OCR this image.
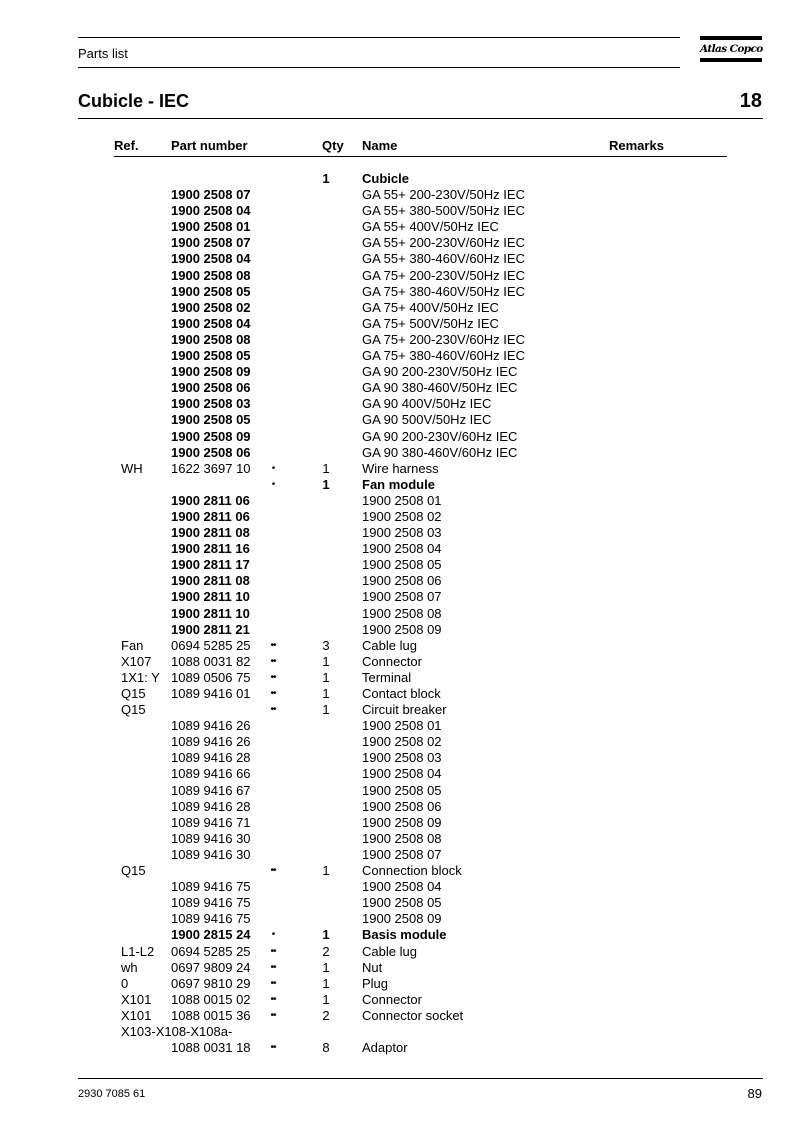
Parts list	Atlas Copco
Cubicle - IEC	18
Ref. Part number	Qty Name	Remarks
1	Cubicle
1900 2508 07	GA 55+ 200-230V/50Hz IEC
1900 2508 04	GA 55+ 380-500V/50Hz IEC
1900 2508 01	GA 55+ 400V/50Hz IEC
1900 2508 07	GA 55+ 200-230V/60Hz IEC
1900 2508 04	GA 55+ 380-460V/60Hz IEC
1900 2508 08	GA 75+ 200-230V/50Hz IEC
1900 2508 05	GA 75+ 380-460V/50Hz IEC
1900 2508 02	GA 75+ 400V/50Hz IEC
1900 2508 04	GA 75+ 500V/50Hz IEC
1900 2508 08	GA 75+ 200-230V/60Hz IEC
1900 2508 05	GA 75+ 380-460V/60Hz IEC
1900 2508 09	GA 90 200-230V/50Hz IEC
1900 2508 06	GA 90 380-460V/50Hz IEC
1900 2508 03	GA 90 400V/50Hz IEC
1900 2508 05	GA 90 500V/50Hz IEC
1900 2508 09	GA 90 200-230V/60Hz IEC
1900 2508 06	GA 90 380-460V/60Hz IEC
WH 1622 3697 10	•	1	Wire harness
•	1	Fan module
1900 2811 06	1900 2508 01
1900 2811 06	1900 2508 02
1900 2811 08	1900 2508 03
1900 2811 16	1900 2508 04
1900 2811 17	1900 2508 05
1900 2811 08	1900 2508 06
1900 2811 10	1900 2508 07
1900 2811 10	1900 2508 08
1900 2811 21	1900 2508 09
Fan 0694 5285 25	••	3	Cable lug
X107 1088 0031 82	••	1	Connector
1X1: Y 1089 0506 75	••	1	Terminal
Q15 1089 9416 01	••	1	Contact block
Q15	••	1	Circuit breaker
1089 9416 26	1900 2508 01
1089 9416 26	1900 2508 02
1089 9416 28	1900 2508 03
1089 9416 66	1900 2508 04
1089 9416 67	1900 2508 05
1089 9416 28	1900 2508 06
1089 9416 71	1900 2508 09
1089 9416 30	1900 2508 08
1089 9416 30	1900 2508 07
Q15	••	1	Connection block
1089 9416 75	1900 2508 04
1089 9416 75	1900 2508 05
1089 9416 75	1900 2508 09
1900 2815 24	•	1	Basis module
L1-L2 0694 5285 25	••	2	Cable lug
wh	0697 9809 24	••	1	Nut
0	0697 9810 29	••	1	Plug
X101 1088 0015 02	••	1	Connector
X101 1088 0015 36	••	2	Connector socket
X103-X108-X108a-
1088 0031 18	••	8	Adaptor
2930 7085 61	89
